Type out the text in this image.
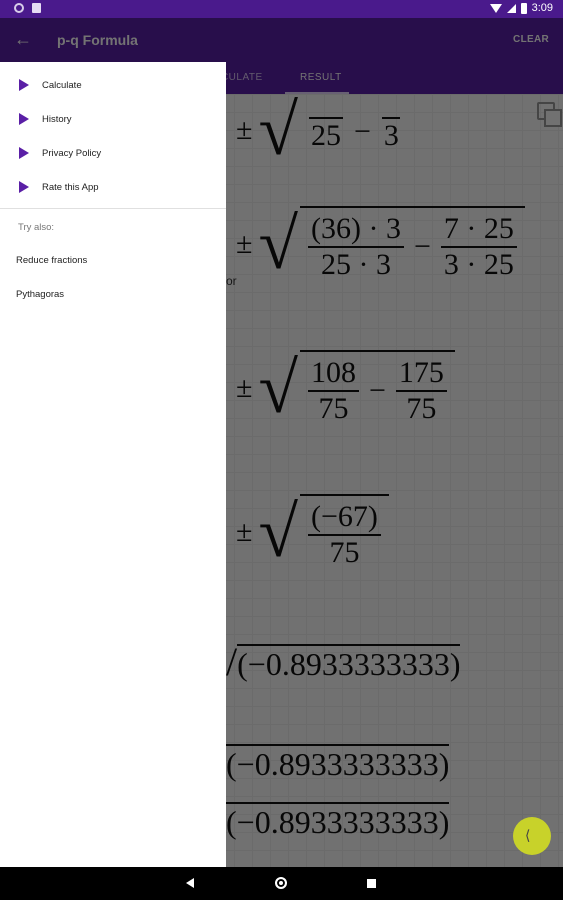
3:09
⟨
Calculate
History
Privacy Policy
Rate this App
Try also:
Reduce fractions
Pythagoras
